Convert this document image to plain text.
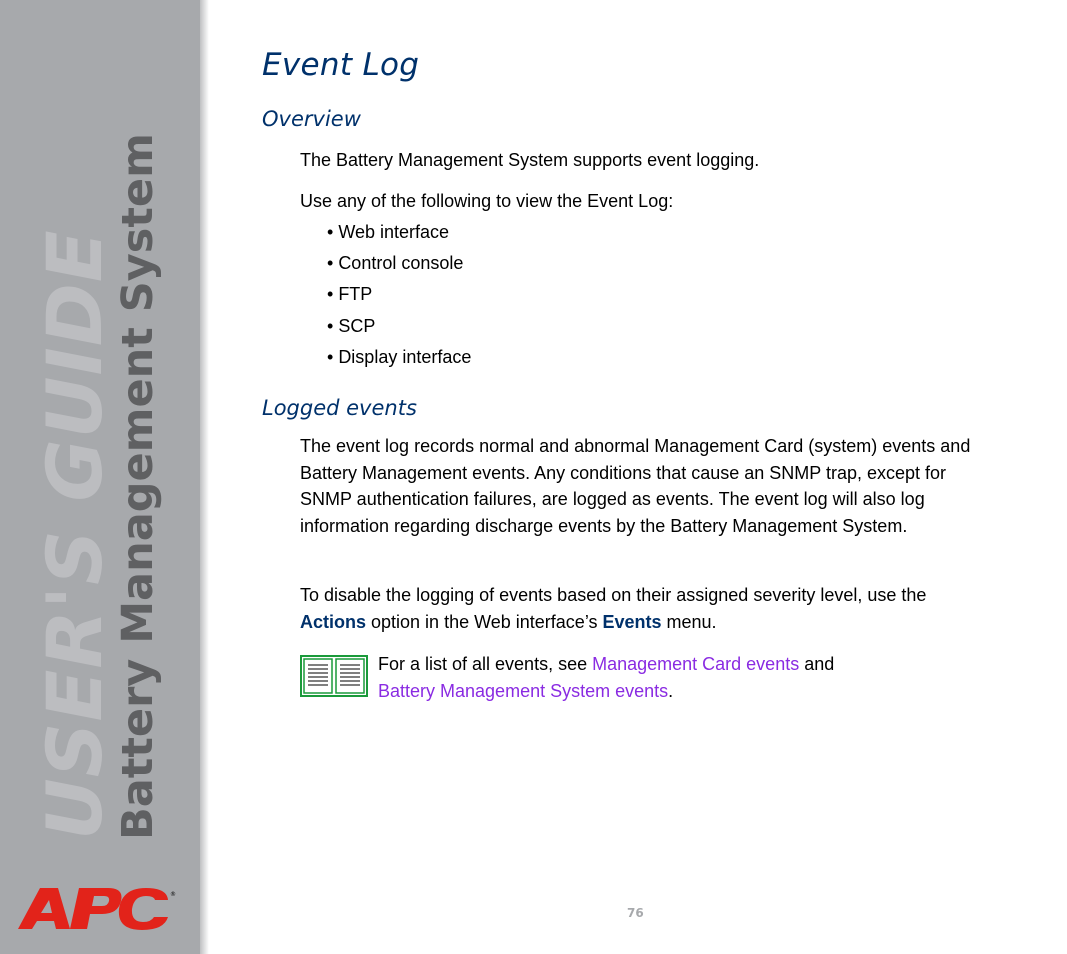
USER'S GUIDE
Battery Management System
®
Event Log
Overview

The Battery Management System supports event logging.

Use any of the following to view the Event Log:

• Web interface

• Control console

• FTP

• SCP

• Display interface

Logged events

The event log records normal and abnormal Management Card (system) events and Battery Management events. Any conditions that cause an SNMP trap, except for SNMP authentication failures, are logged as events. The event log will also log information regarding discharge events by the Battery Management System.

To disable the logging of events based on their assigned severity level, use the Actions option in the Web interface’s Events menu.

For a list of all events, see Management Card events and
Battery Management System events.

76
